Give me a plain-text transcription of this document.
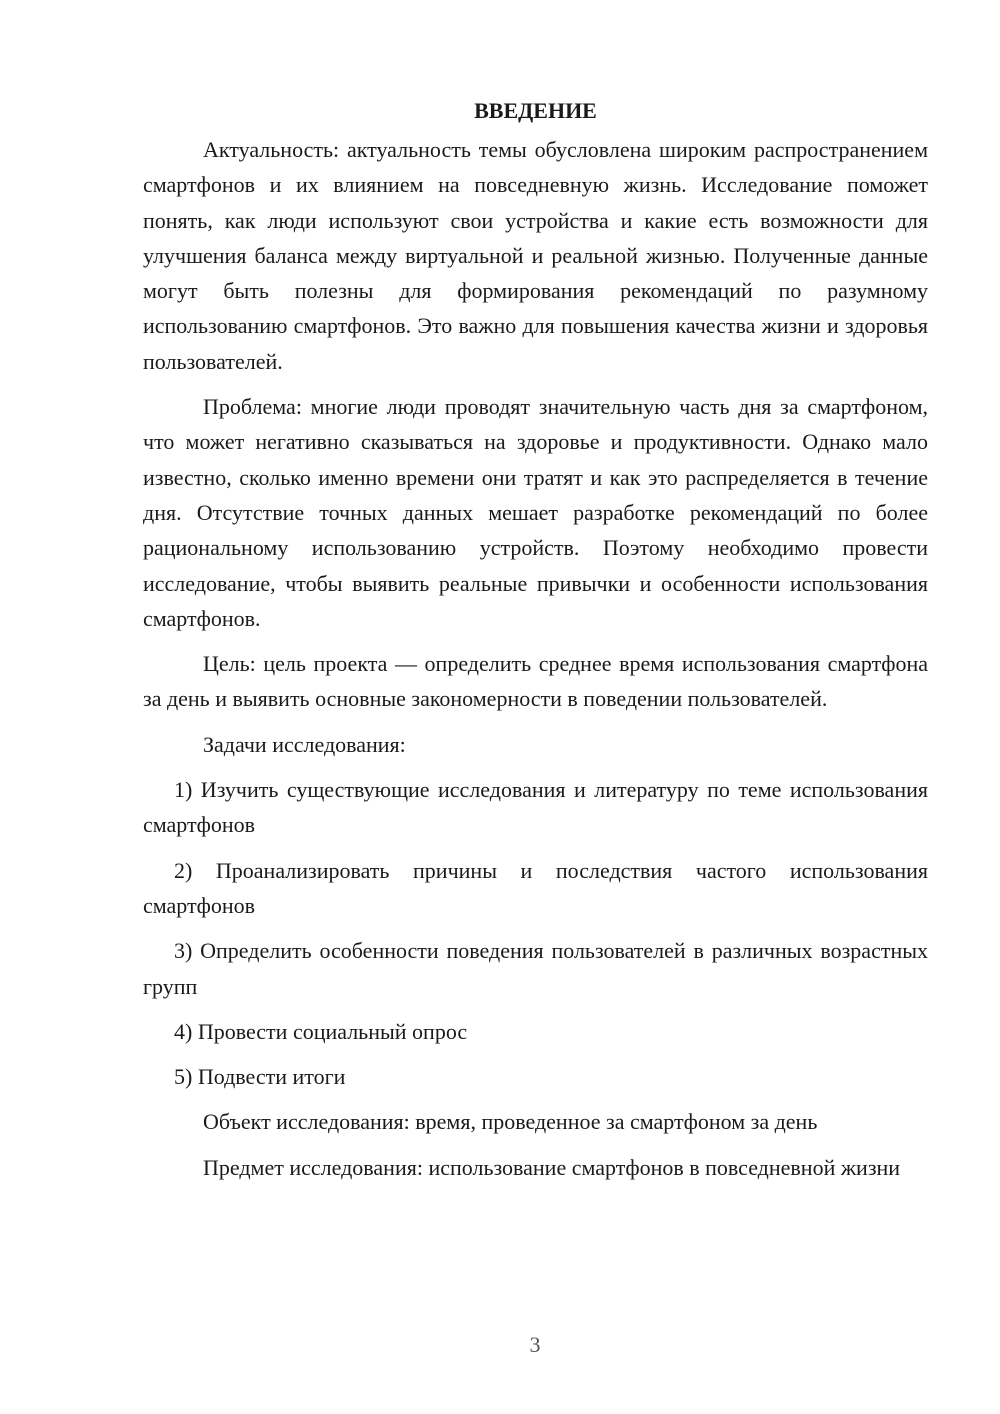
ВВЕДЕНИЕ

Актуальность: актуальность темы обусловлена широким распространением смартфонов и их влиянием на повседневную жизнь. Исследование поможет понять, как люди используют свои устройства и какие есть возможности для улучшения баланса между виртуальной и реальной жизнью. Полученные данные могут быть полезны для формирования рекомендаций по разумному использованию смартфонов. Это важно для повышения качества жизни и здоровья пользователей.

Проблема: многие люди проводят значительную часть дня за смартфоном, что может негативно сказываться на здоровье и продуктивности. Однако мало известно, сколько именно времени они тратят и как это распределяется в течение дня. Отсутствие точных данных мешает разработке рекомендаций по более рациональному использованию устройств. Поэтому необходимо провести исследование, чтобы выявить реальные привычки и особенности использования смартфонов.

Цель: цель проекта — определить среднее время использования смартфона за день и выявить основные закономерности в поведении пользователей.

Задачи исследования:

1) Изучить существующие исследования и литературу по теме использования смартфонов

2) Проанализировать причины и последствия частого использования смартфонов

3) Определить особенности поведения пользователей в различных возрастных групп

4) Провести социальный опрос

5) Подвести итоги

Объект исследования: время, проведенное за смартфоном за день

Предмет исследования: использование смартфонов в повседневной жизни

3
